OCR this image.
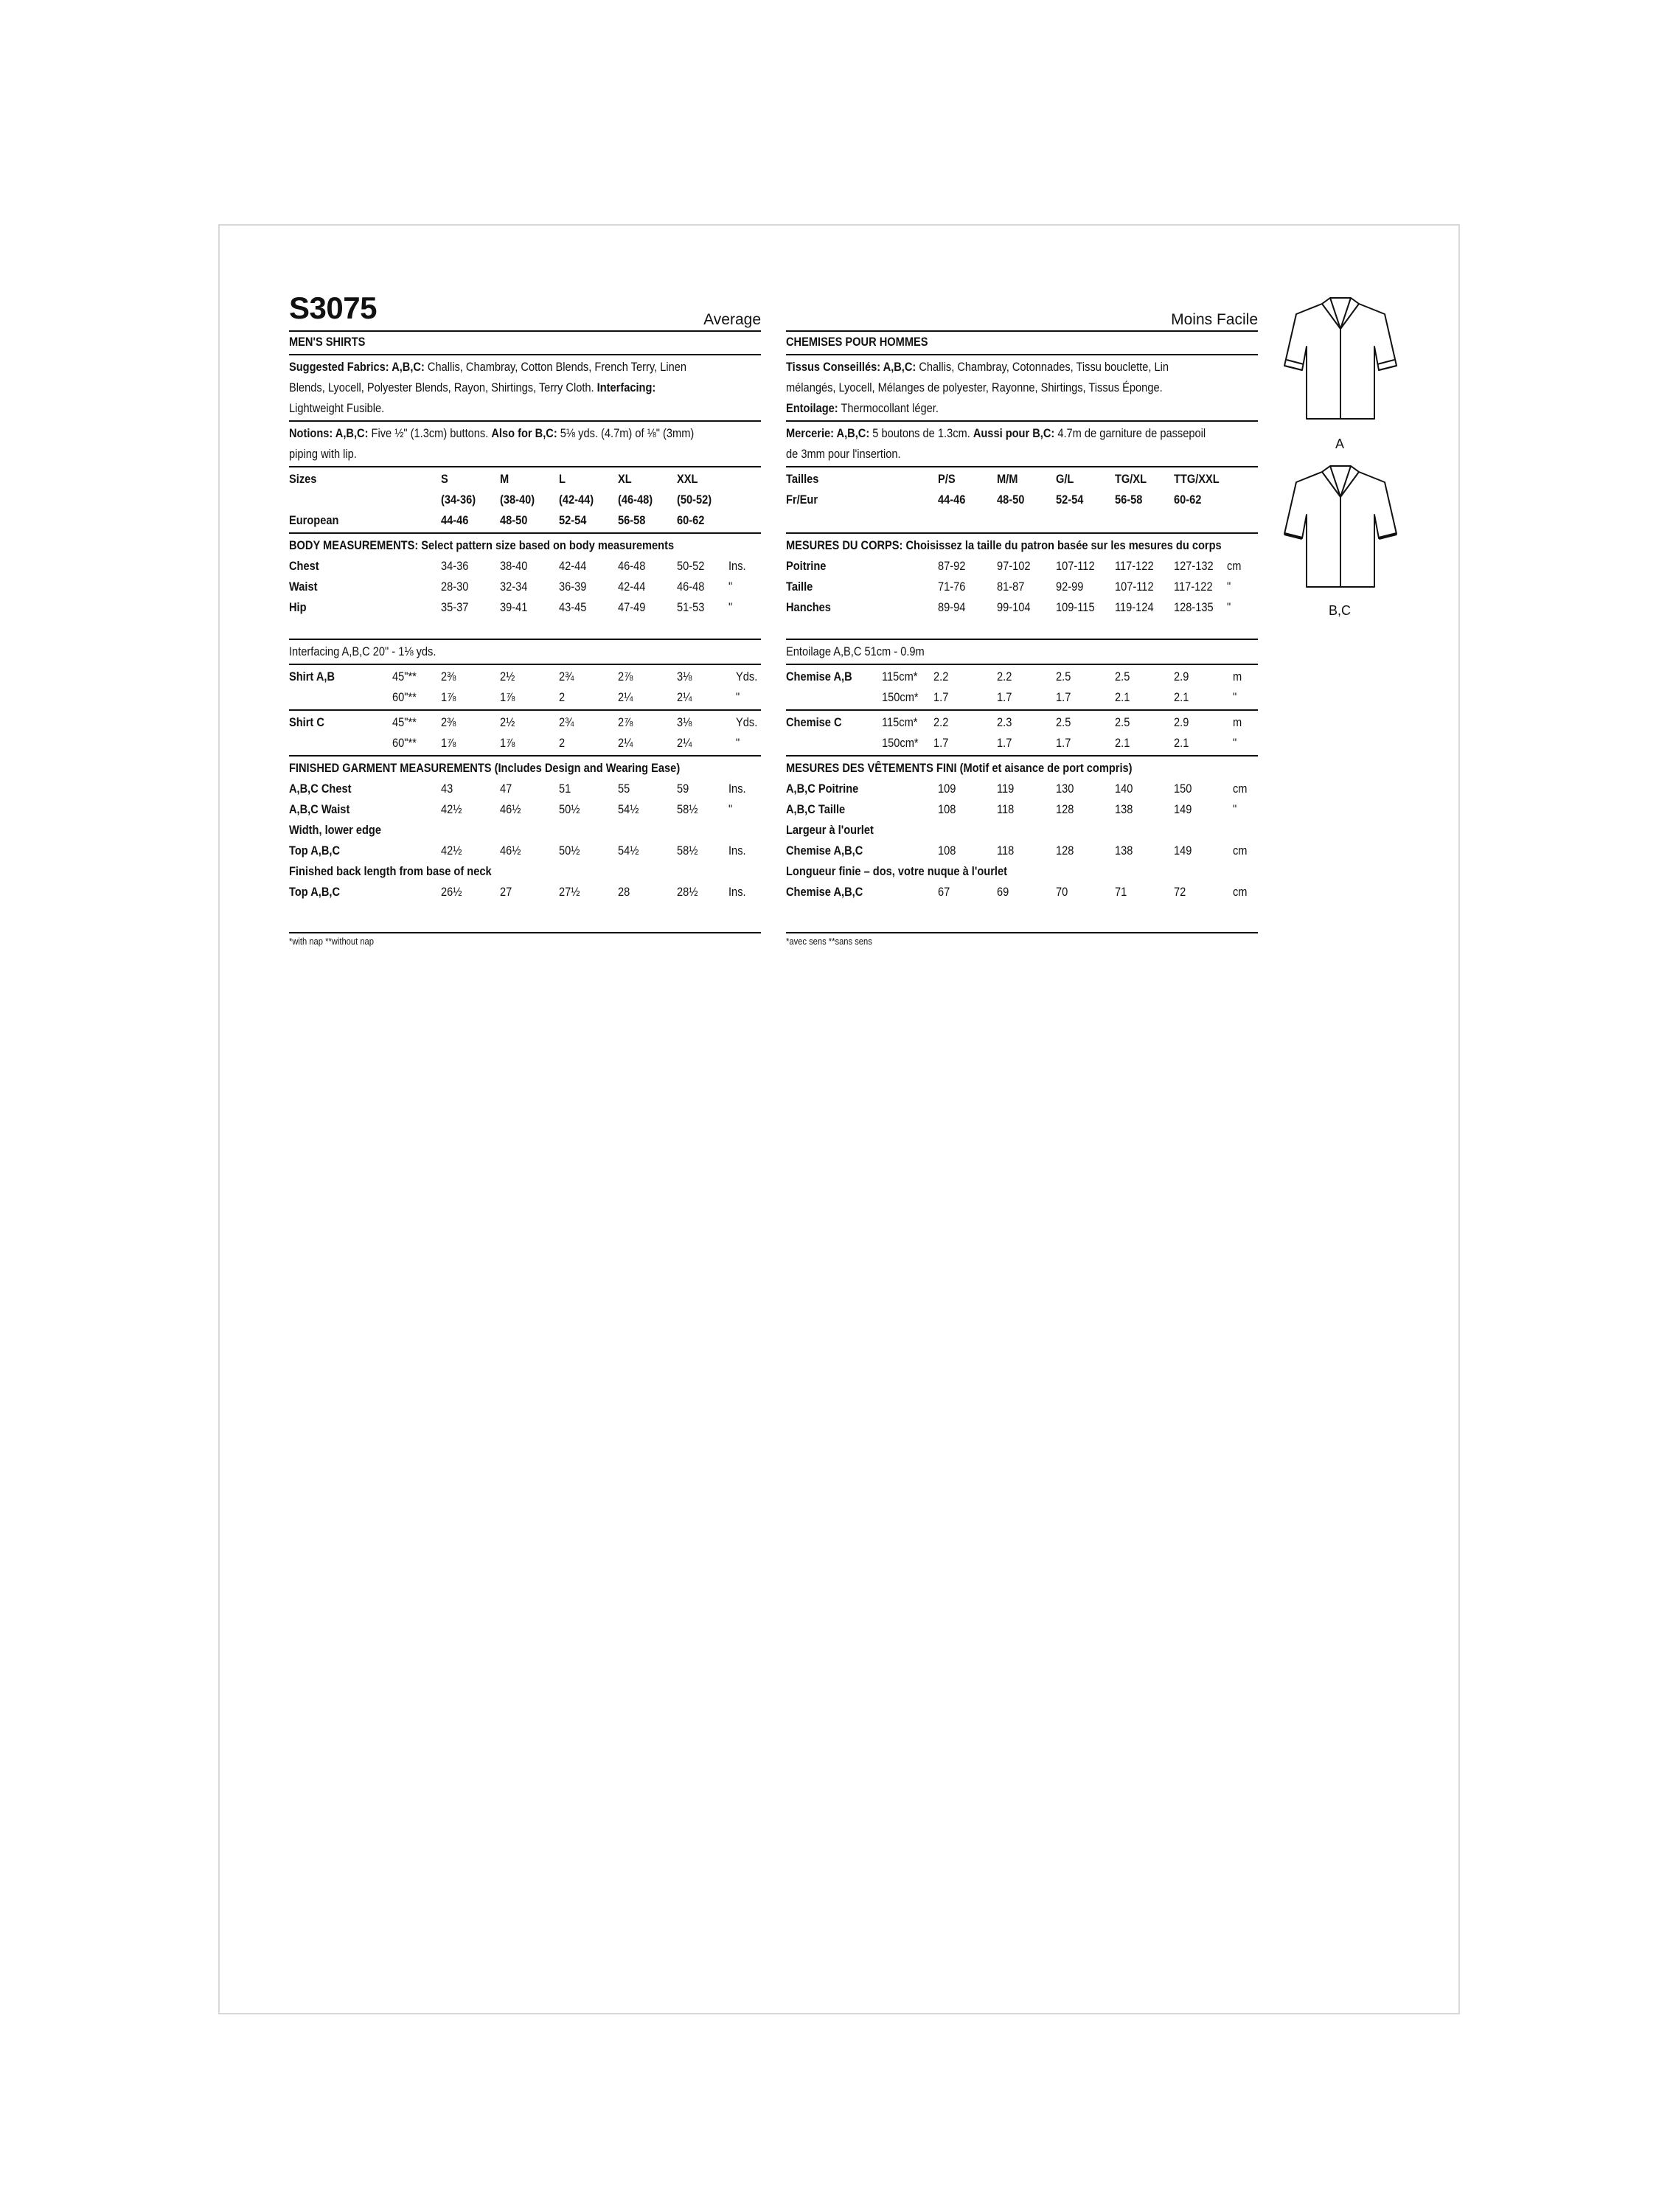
S3075	Average
MEN'S SHIRTS
Suggested Fabrics: A,B,C: Challis, Chambray, Cotton Blends, French Terry, Linen
Blends, Lyocell, Polyester Blends, Rayon, Shirtings, Terry Cloth. Interfacing:
Lightweight Fusible.
Notions: A,B,C: Five ½" (1.3cm) buttons. Also for B,C: 5⅛ yds. (4.7m) of ⅛" (3mm)
piping with lip.
Sizes	S	M	L	XL	XXL
(34-36) (38-40) (42-44) (46-48) (50-52)
European	44-46	48-50	52-54	56-58	60-62
BODY MEASUREMENTS: Select pattern size based on body measurements
Chest	34-36	38-40	42-44	46-48	50-52 Ins.
Waist	28-30	32-34	36-39	42-44	46-48 "
Hip	35-37	39-41	43-45	47-49	51-53 "
Interfacing A,B,C 20" - 1⅛ yds.
Shirt A,B	45"** 2⅜	2½	2¾	2⅞	3⅛	Yds.
60"** 1⅞	1⅞	2	2¼	2¼	"
Shirt C	45"** 2⅜	2½	2¾	2⅞	3⅛	Yds.
60"** 1⅞	1⅞	2	2¼	2¼	"
FINISHED GARMENT MEASUREMENTS (Includes Design and Wearing Ease)
A,B,C Chest	43	47	51	55	59	Ins.
A,B,C Waist	42½	46½	50½	54½	58½ "
Width, lower edge
Top A,B,C	42½	46½	50½	54½	58½ Ins.
Finished back length from base of neck
Top A,B,C	26½	27	27½	28	28½ Ins.
*with nap **without nap
Moins Facile
CHEMISES POUR HOMMES
Tissus Conseillés: A,B,C: Challis, Chambray, Cotonnades, Tissu bouclette, Lin
mélangés, Lyocell, Mélanges de polyester, Rayonne, Shirtings, Tissus Éponge.
Entoilage: Thermocollant léger.
Mercerie: A,B,C: 5 boutons de 1.3cm. Aussi pour B,C: 4.7m de garniture de passepoil
de 3mm pour l'insertion.
Tailles	P/S	M/M	G/L	TG/XL TTG/XXL
Fr/Eur	44-46	48-50	52-54	56-58	60-62
MESURES DU CORPS: Choisissez la taille du patron basée sur les mesures du corps
Poitrine	87-92	97-102 107-112 117-122 127-132 cm
Taille	71-76	81-87	92-99	107-112 117-122 "
Hanches	89-94	99-104 109-115 119-124 128-135 "
Entoilage A,B,C 51cm - 0.9m
Chemise A,B 115cm* 2.2	2.2	2.5	2.5	2.9	m
150cm* 1.7	1.7	1.7	2.1	2.1	"
Chemise C	115cm* 2.2	2.3	2.5	2.5	2.9	m
150cm* 1.7	1.7	1.7	2.1	2.1	"
MESURES DES VÊTEMENTS FINI (Motif et aisance de port compris)
A,B,C Poitrine	109	119	130	140	150	cm
A,B,C Taille	108	118	128	138	149	"
Largeur à l'ourlet
Chemise A,B,C	108	118	128	138	149	cm
Longueur finie – dos, votre nuque à l'ourlet
Chemise A,B,C	67	69	70	71	72	cm
*avec sens **sans sens
A
B,C
